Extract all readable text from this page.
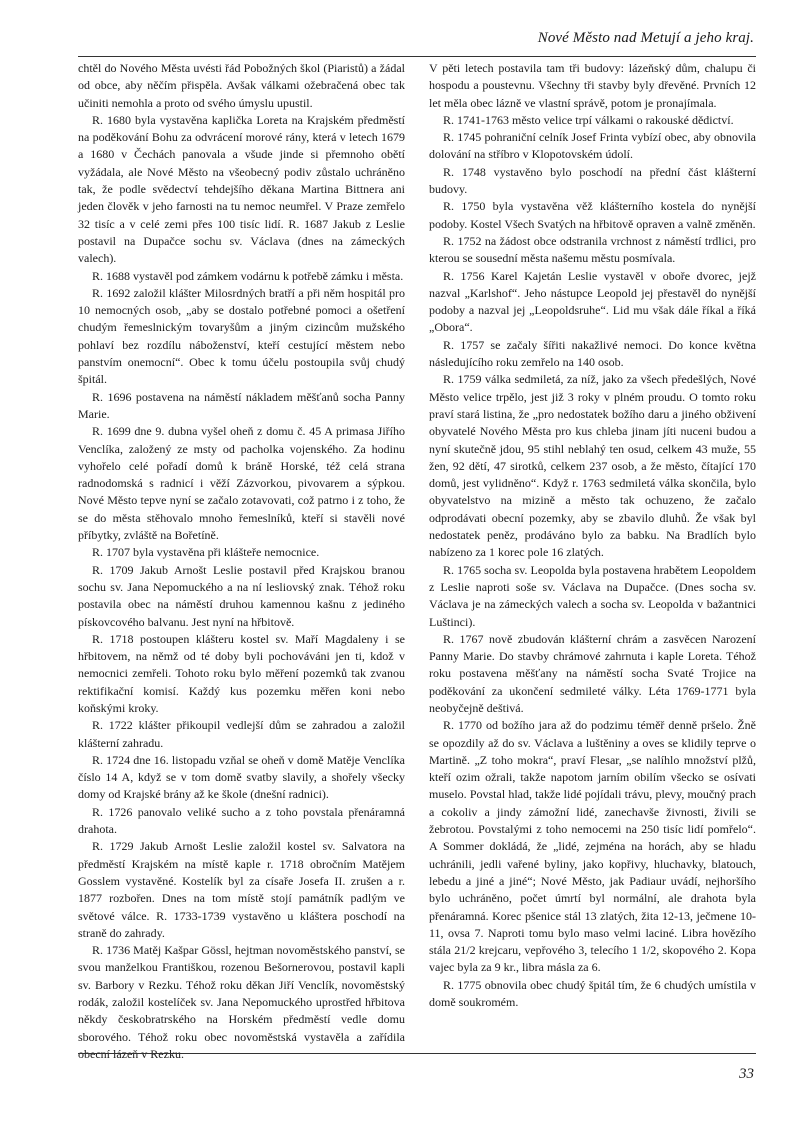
Nové Město nad Metují a jeho kraj.

chtěl do Nového Města uvésti řád Pobožných škol (Piaristů) a žádal od obce, aby něčím přispěla. Avšak válkami ožebračená obec tak učiniti nemohla a proto od svého úmyslu upustil.

R. 1680 byla vystavěna kaplička Loreta na Krajském předměstí na poděkování Bohu za odvrácení morové rány, která v letech 1679 a 1680 v Čechách panovala a všude jinde si přemnoho obětí vyžádala, ale Nové Město na všeobecný podiv zůstalo uchráněno tak, že podle svědectví tehdejšího děkana Martina Bittnera ani jeden člověk v jeho farnosti na tu nemoc neumřel. V Praze zemřelo 32 tisíc a v celé zemi přes 100 tisíc lidí. R. 1687 Jakub z Leslie postavil na Dupačce sochu sv. Václava (dnes na zámeckých valech).

R. 1688 vystavěl pod zámkem vodárnu k potřebě zámku i města.

R. 1692 založil klášter Milosrdných bratří a při něm hospitál pro 10 nemocných osob, „aby se dostalo potřebné pomoci a ošetření chudým řemeslnickým tovaryšům a jiným cizincům mužského pohlaví bez rozdílu náboženství, kteří cestující městem nebo panstvím onemocní“. Obec k tomu účelu postoupila svůj chudý špitál.

R. 1696 postavena na náměstí nákladem měšťanů socha Panny Marie.

R. 1699 dne 9. dubna vyšel oheň z domu č. 45 A primasa Jiřího Venclíka, založený ze msty od pacholka vojenského. Za hodinu vyhořelo celé pořadí domů k bráně Horské, též celá strana radnodomská s radnicí i věží Zázvorkou, pivovarem a sýpkou. Nové Město tepve nyní se začalo zotavovati, což patrno i z toho, že se do města stěhovalo mnoho řemeslníků, kteří si stavěli nové příbytky, zvláště na Bořetíně.

R. 1707 byla vystavěna při klášteře nemocnice.

R. 1709 Jakub Arnošt Leslie postavil před Krajskou branou sochu sv. Jana Nepomuckého a na ní lesliovský znak. Téhož roku postavila obec na náměstí druhou kamennou kašnu z jediného pískovcového balvanu. Jest nyní na hřbitově.

R. 1718 postoupen klášteru kostel sv. Maří Magdaleny i se hřbitovem, na němž od té doby byli pochováváni jen ti, kdož v nemocnici zemřeli. Tohoto roku bylo měření pozemků tak zvanou rektifikační komisí. Každý kus pozemku měřen koni nebo koňskými kroky.

R. 1722 klášter přikoupil vedlejší dům se zahradou a založil klášterní zahradu.

R. 1724 dne 16. listopadu vzňal se oheň v domě Matěje Venclíka číslo 14 A, když se v tom domě svatby slavily, a shořely všecky domy od Krajské brány až ke škole (dnešní radnici).

R. 1726 panovalo veliké sucho a z toho povstala přenáramná drahota.

R. 1729 Jakub Arnošt Leslie založil kostel sv. Salvatora na předměstí Krajském na místě kaple r. 1718 obročním Matějem Gosslem vystavěné. Kostelík byl za císaře Josefa II. zrušen a r. 1877 rozbořen. Dnes na tom místě stojí památník padlým ve světové válce. R. 1733-1739 vystavěno u kláštera poschodí na straně do zahrady.

R. 1736 Matěj Kašpar Gössl, hejtman novoměstského panství, se svou manželkou Františkou, rozenou Bešornerovou, postavil kapli sv. Barbory v Rezku. Téhož roku děkan Jiří Venclík, novoměstský rodák, založil kostelíček sv. Jana Nepomuckého uprostřed hřbitova někdy českobratrského na Horském předměstí vedle domu sborového. Téhož roku obec novoměstská vystavěla a zařídila

V pěti letech postavila tam tři budovy: lázeňský dům, chalupu či hospodu a poustevnu. Všechny tři stavby byly dřevěné. Prvních 12 let měla obec lázně ve vlastní správě, potom je pronajímala.

R. 1741-1763 město velice trpí válkami o rakouské dědictví.

R. 1745 pohraniční celník Josef Frinta vybízí obec, aby obnovila dolování na stříbro v Klopotovském údolí.

R. 1748 vystavěno bylo poschodí na přední část klášterní budovy.

R. 1750 byla vystavěna věž klášterního kostela do nynější podoby. Kostel Všech Svatých na hřbitově opraven a valně změněn.

R. 1752 na žádost obce odstranila vrchnost z náměstí trdlici, pro kterou se sousední města našemu městu posmívala.

R. 1756 Karel Kajetán Leslie vystavěl v oboře dvorec, jejž nazval „Karlshof“. Jeho nástupce Leopold jej přestavěl do nynější podoby a nazval jej „Leopoldsruhe“. Lid mu však dále říkal a říká „Obora“.

R. 1757 se začaly šířiti nakažlivé nemoci. Do konce května následujícího roku zemřelo na 140 osob.

R. 1759 válka sedmiletá, za níž, jako za všech předešlých, Nové Město velice trpělo, jest již 3 roky v plném proudu. O tomto roku praví stará listina, že „pro nedostatek božího daru a jiného obživení obyvatelé Nového Města pro kus chleba jinam jíti nuceni budou a nyní skutečně jdou, 95 stihl neblahý ten osud, celkem 43 muže, 55 žen, 92 dětí, 47 sirotků, celkem 237 osob, a že město, čítající 170 domů, jest vylidněno“. Když r. 1763 sedmiletá válka skončila, bylo obyvatelstvo na mizině a město tak ochuzeno, že začalo odprodávati obecní pozemky, aby se zbavilo dluhů. Že však byl nedostatek peněz, prodáváno bylo za babku. Na Bradlích bylo nabízeno za 1 korec pole 16 zlatých.

R. 1765 socha sv. Leopolda byla postavena hrabětem Leopoldem z Leslie naproti soše sv. Václava na Dupačce. (Dnes socha sv. Václava je na zámeckých valech a socha sv. Leopolda v bažantnici Luštinci).

R. 1767 nově zbudován klášterní chrám a zasvěcen Narození Panny Marie. Do stavby chrámové zahrnuta i kaple Loreta. Téhož roku postavena měšťany na náměstí socha Svaté Trojice na poděkování za ukončení sedmileté války. Léta 1769-1771 byla neobyčejně deštivá.

R. 1770 od božího jara až do podzimu téměř denně pršelo. Žně se opozdily až do sv. Václava a luštěniny a oves se klidily teprve o Martině. „Z toho mokra“, praví Flesar, „se nalíhlo množství plžů, kteří ozim ožrali, takže napotom jarním obilím všecko se osívati muselo. Povstal hlad, takže lidé pojídali trávu, plevy, moučný prach a cokoliv a jindy zámožní lidé, zanechavše živnosti, živili se žebrotou. Povstalými z toho nemocemi na 250 tisíc lidí pomřelo“. A Sommer dokládá, že „lidé, zejména na horách, aby se hladu uchránili, jedli vařené byliny, jako kopřivy, hluchavky, blatouch, lebedu a jiné a jiné“; Nové Město, jak Padiaur uvádí, nejhoršího bylo uchráněno, počet úmrtí byl normální, ale drahota byla přenáramná. Korec pšenice stál 13 zlatých, žita 12-13, ječmene 10-11, ovsa 7. Naproti tomu bylo maso velmi laciné. Libra hovězího stála 21/2 krejcaru, vepřového 3, telecího 1 1/2, skopového 2. Kopa vajec byla za 9 kr., libra másla za 6.

R. 1775 obnovila obec chudý špitál tím, že 6 chudých umístila v domě soukromém.

33
